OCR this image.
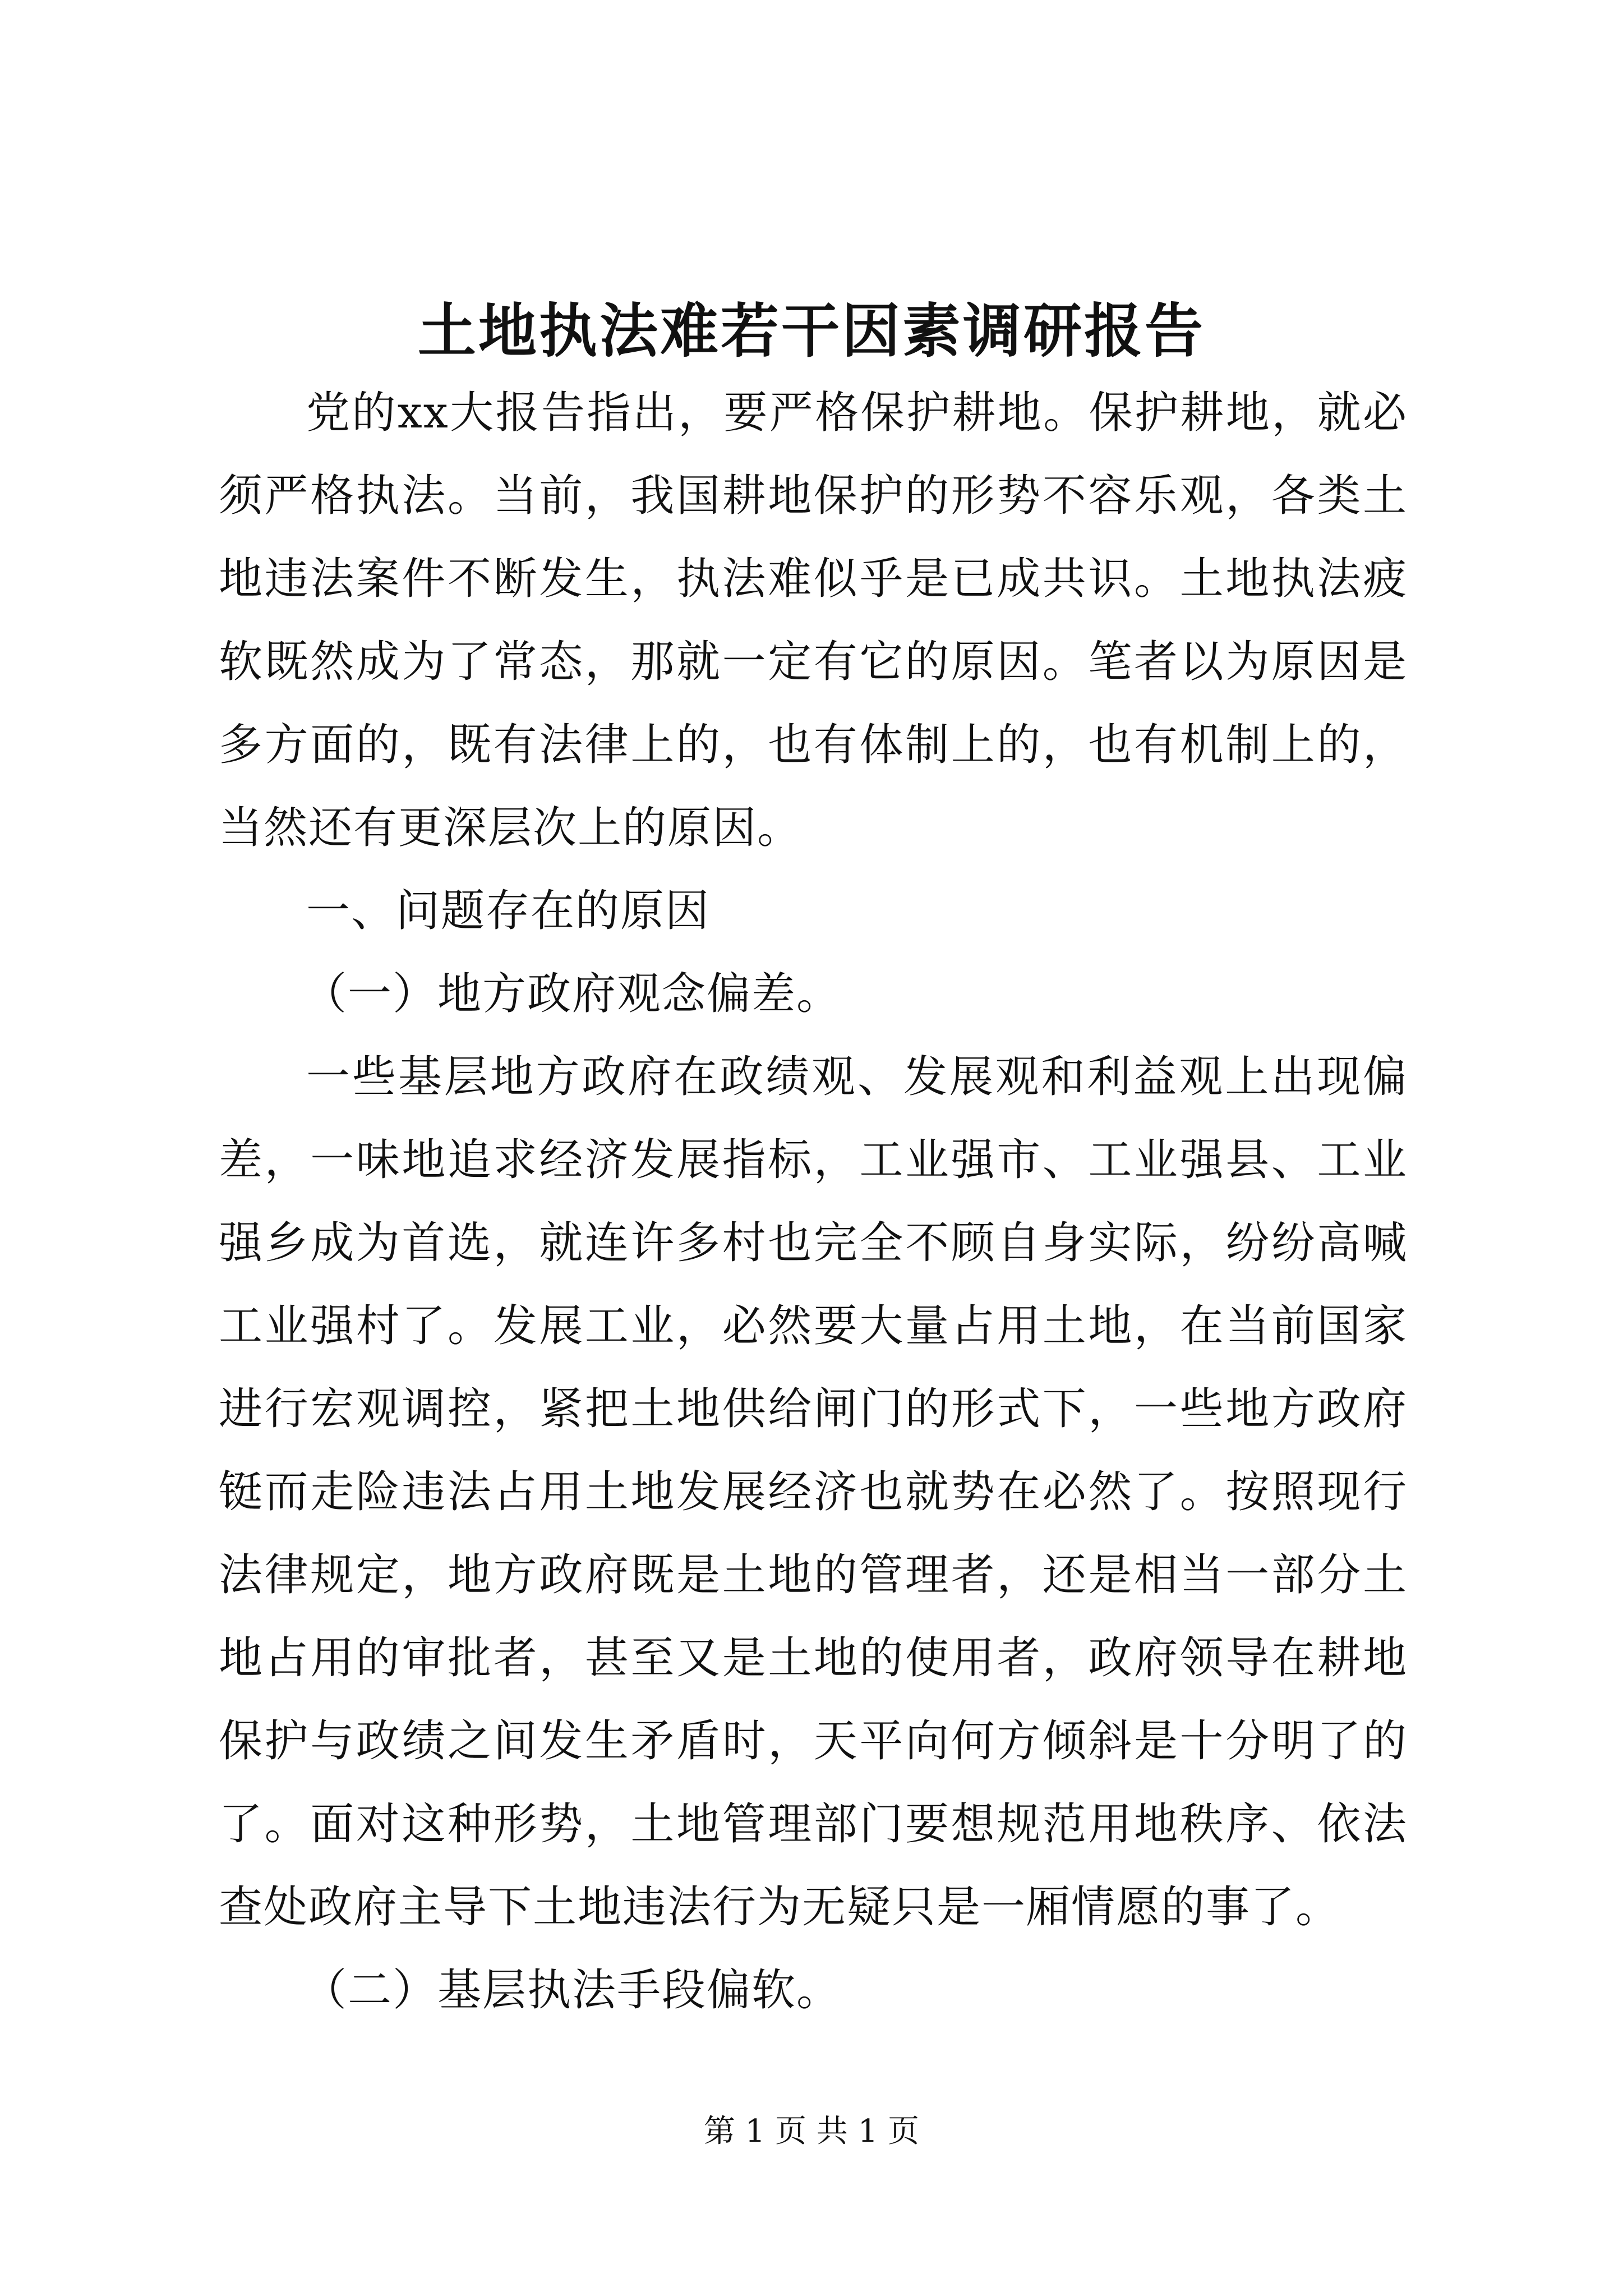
土地执法难若干因素调研报告

党的xx大报告指出，要严格保护耕地。保护耕地，就必须严格执法。当前，我国耕地保护的形势不容乐观，各类土地违法案件不断发生，执法难似乎是已成共识。土地执法疲软既然成为了常态，那就一定有它的原因。笔者以为原因是多方面的，既有法律上的，也有体制上的，也有机制上的，当然还有更深层次上的原因。

一、问题存在的原因

（一）地方政府观念偏差。

一些基层地方政府在政绩观、发展观和利益观上出现偏差，一味地追求经济发展指标，工业强市、工业强县、工业强乡成为首选，就连许多村也完全不顾自身实际，纷纷高喊工业强村了。发展工业，必然要大量占用土地，在当前国家进行宏观调控，紧把土地供给闸门的形式下，一些地方政府铤而走险违法占用土地发展经济也就势在必然了。按照现行法律规定，地方政府既是土地的管理者，还是相当一部分土地占用的审批者，甚至又是土地的使用者，政府领导在耕地保护与政绩之间发生矛盾时，天平向何方倾斜是十分明了的了。面对这种形势，土地管理部门要想规范用地秩序、依法查处政府主导下土地违法行为无疑只是一厢情愿的事了。

（二）基层执法手段偏软。

第 1 页 共 1 页
